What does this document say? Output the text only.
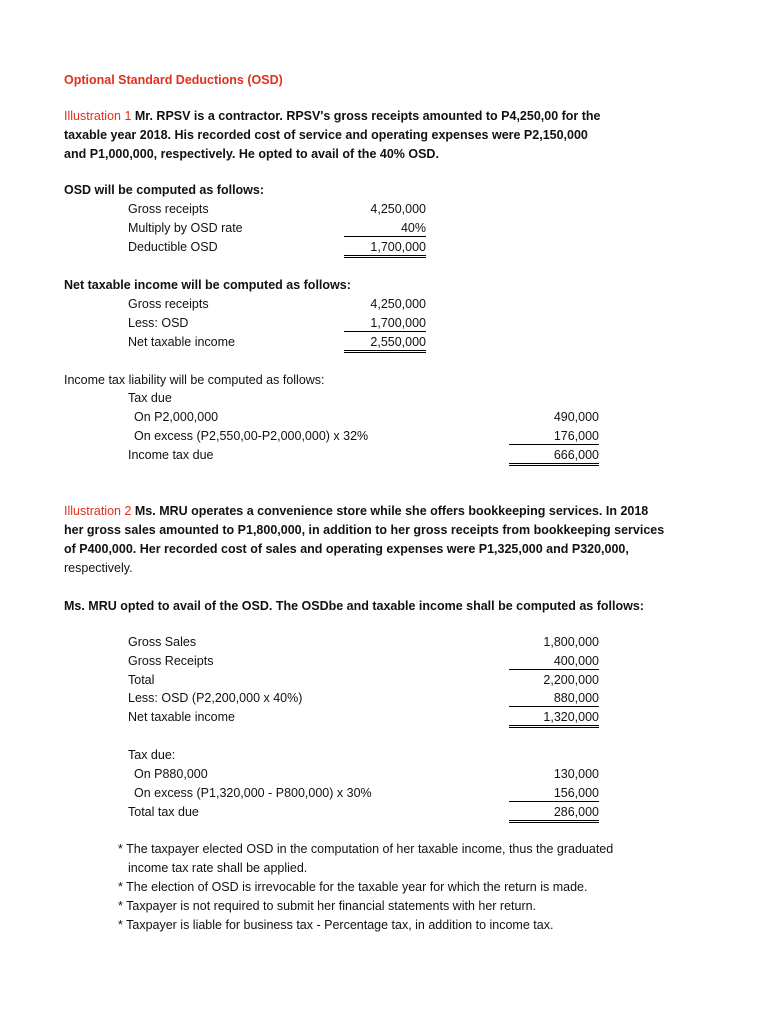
Optional Standard Deductions (OSD)
Illustration 1 Mr. RPSV is a contractor. RPSV's gross receipts amounted to P4,250,00 for the
taxable year 2018. His recorded cost of service and operating expenses were P2,150,000
and P1,000,000, respectively. He opted to avail of the 40% OSD.
OSD will be computed as follows:
Gross receipts	4,250,000
Multiply by OSD rate	40%
Deductible OSD	1,700,000
Net taxable income will be computed as follows:
Gross receipts	4,250,000
Less: OSD	1,700,000
Net taxable income	2,550,000
Income tax liability will be computed as follows:
Tax due
On P2,000,000	490,000
On excess (P2,550,00-P2,000,000) x 32%	176,000
Income tax due	666,000
Illustration 2 Ms. MRU operates a convenience store while she offers bookkeeping services. In 2018
her gross sales amounted to P1,800,000, in addition to her gross receipts from bookkeeping services
of P400,000. Her recorded cost of sales and operating expenses were P1,325,000 and P320,000,
respectively.
Ms. MRU opted to avail of the OSD. The OSDbe and taxable income shall be computed as follows:
Gross Sales	1,800,000
Gross Receipts	400,000
Total	2,200,000
Less: OSD (P2,200,000 x 40%)	880,000
Net taxable income	1,320,000
Tax due:
On P880,000	130,000
On excess (P1,320,000 - P800,000) x 30%	156,000
Total tax due	286,000
* The taxpayer elected OSD in the computation of her taxable income, thus the graduated
income tax rate shall be applied.
* The election of OSD is irrevocable for the taxable year for which the return is made.
* Taxpayer is not required to submit her financial statements with her return.
* Taxpayer is liable for business tax - Percentage tax, in addition to income tax.
